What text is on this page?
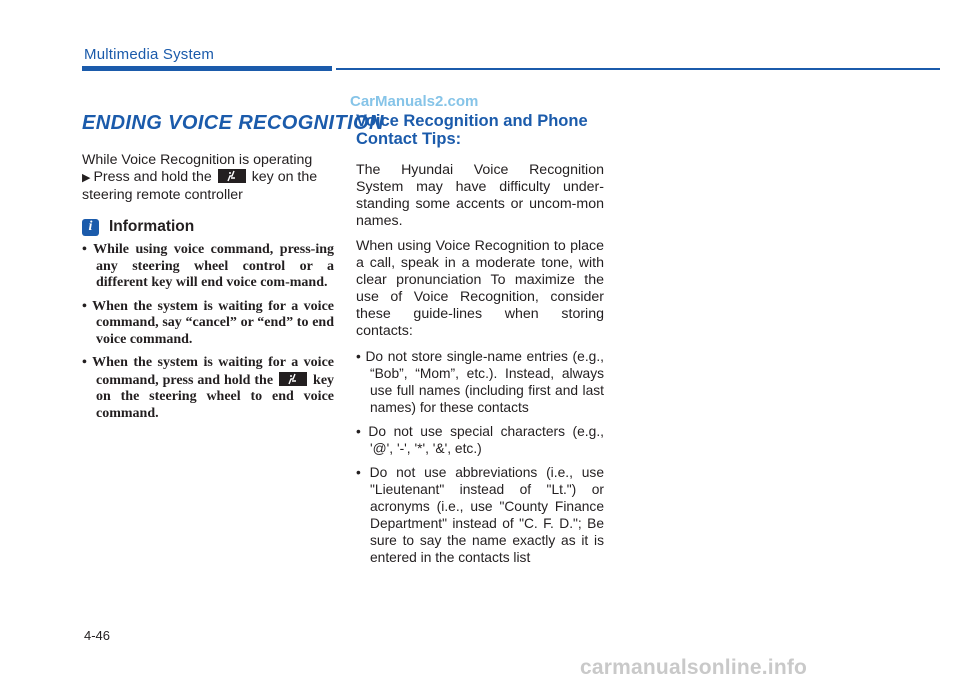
Multimedia System
CarManuals2.com
ENDING VOICE RECOGNITION

While Voice Recognition is operating
▶ Press and hold the	key on the
steering remote controller

i	Information

• While using voice command, press-ing any steering wheel control or a different key will end voice com-mand.

• When the system is waiting for a voice command, say “cancel” or “end” to end voice command.

• When the system is waiting for a voice command, press and hold the	key on the steering wheel to end voice command.

Voice Recognition and Phone Contact Tips:

The Hyundai Voice Recognition System may have difficulty under-standing some accents or uncom-mon names.

When using Voice Recognition to place a call, speak in a moderate tone, with clear pronunciation To maximize the use of Voice Recognition, consider these guide-lines when storing contacts:

• Do not store single-name entries (e.g., “Bob”, “Mom”, etc.). Instead, always use full names (including first and last names) for these contacts

• Do not use special characters (e.g., '@', '-', '*', '&', etc.)

• Do not use abbreviations (i.e., use "Lieutenant" instead of "Lt.") or acronyms (i.e., use "County Finance Department" instead of "C. F. D."; Be sure to say the name exactly as it is entered in the contacts list

4-46
carmanualsonline.info
